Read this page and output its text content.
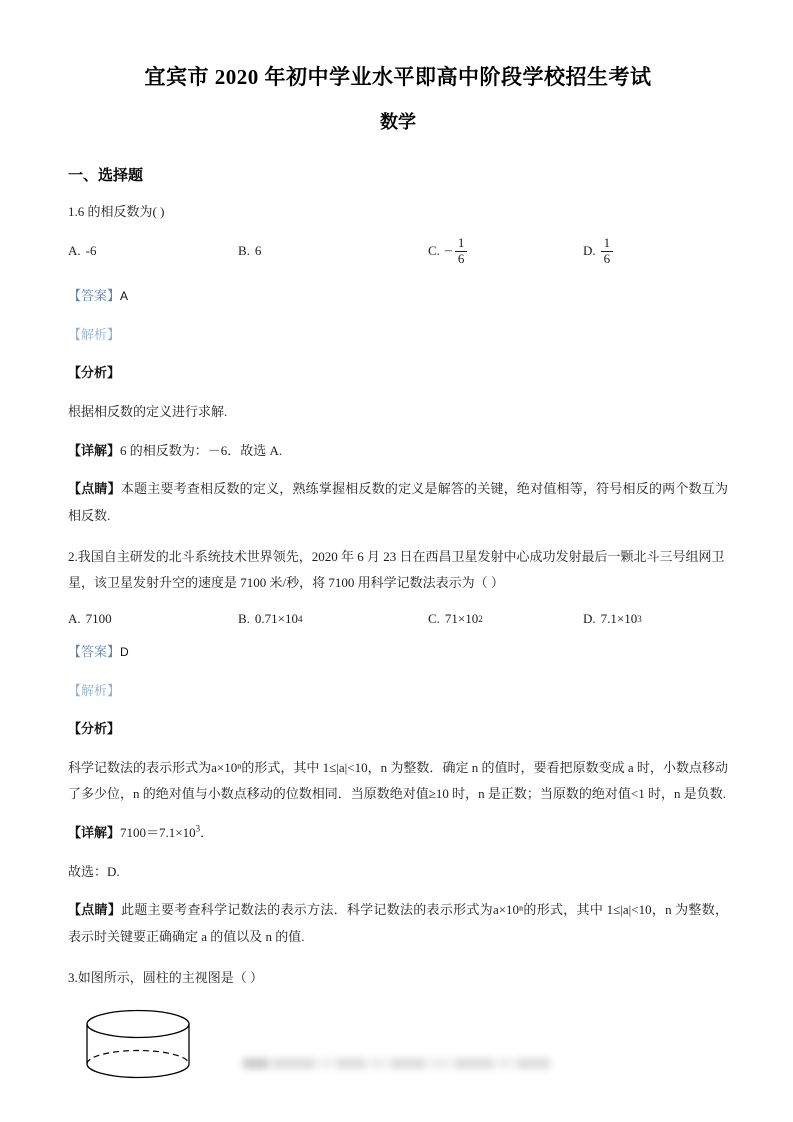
宜宾市 2020 年初中学业水平即高中阶段学校招生考试
数学
一、选择题
1.6 的相反数为( )
A. -6	B. 6	C. – $\frac{1}{6}$	D. $\frac{1}{6}$
【答案】A
【解析】
【分析】
根据相反数的定义进行求解.
【详解】6 的相反数为：－6．故选 A.
【点睛】本题主要考查相反数的定义，熟练掌握相反数的定义是解答的关键，绝对值相等，符号相反的两个数互为相反数.
2.我国自主研发的北斗系统技术世界领先，2020 年 6 月 23 日在西昌卫星发射中心成功发射最后一颗北斗三号组网卫星，该卫星发射升空的速度是 7100 米/秒，将 7100 用科学记数法表示为（ ）
A. 7100	B. 0.71×10 4	C. 71×10 2	D. 7.1×10 3
【答案】D
【解析】
【分析】
科学记数法的表示形式为a×10ⁿ的形式，其中 1≤|a|<10，n 为整数．确定 n 的值时，要看把原数变成 a 时，小数点移动了多少位，n 的绝对值与小数点移动的位数相同．当原数绝对值≥10 时，n 是正数；当原数的绝对值<1 时，n 是负数.
【详解】$7100=7.1\times 10^3$．
故选：D.
【点睛】此题主要考查科学记数法的表示方法．科学记数法的表示形式为a×10ⁿ的形式，其中 1≤|a|<10，n 为整数，表示时关键要正确确定 a 的值以及 n 的值.
3.如图所示，圆柱的主视图是（ ）
